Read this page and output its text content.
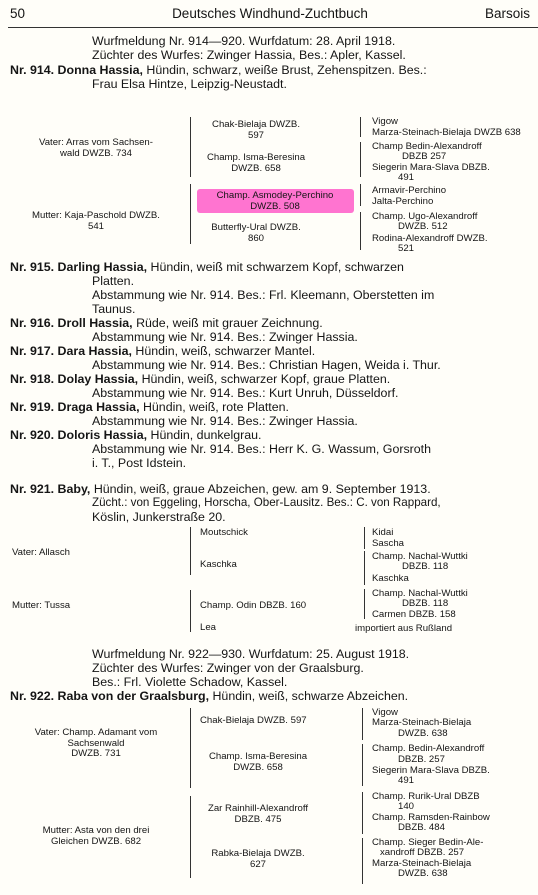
50	Deutsches Windhund-Zuchtbuch	Barsois
Wurfmeldung Nr. 914—920. Wurfdatum: 28. April 1918.
Züchter des Wurfes: Zwinger Hassia, Bes.: Apler, Kassel.
Nr. 914. Donna Hassia, Hündin, schwarz, weiße Brust, Zehenspitzen. Bes.:
Frau Elsa Hintze, Leipzig-Neustadt.
Vater: Arras vom Sachsen-
wald DWZB. 734
Mutter: Kaja-Paschold DWZB.
541
Chak-Bielaja DWZB.
597
Champ. Isma-Beresina
DWZB. 658
Champ. Asmodey-Perchino
DWZB. 508
Butterfly-Ural DWZB.
860
Vigow
Marza-Steinach-Bielaja DWZB 638
Champ Bedin-Alexandroff
DBZB 257
Siegerin Mara-Slava DBZB.
491
Armavir-Perchino
Jalta-Perchino
Champ. Ugo-Alexandroff
DWZB. 512
Rodina-Alexandroff DWZB.
521
Nr. 915. Darling Hassia, Hündin, weiß mit schwarzem Kopf, schwarzen
Platten.
Abstammung wie Nr. 914. Bes.: Frl. Kleemann, Oberstetten im
Taunus.
Nr. 916. Droll Hassia, Rüde, weiß mit grauer Zeichnung.
Abstammung wie Nr. 914. Bes.: Zwinger Hassia.
Nr. 917. Dara Hassia, Hündin, weiß, schwarzer Mantel.
Abstammung wie Nr. 914. Bes.: Christian Hagen, Weida i. Thur.
Nr. 918. Dolay Hassia, Hündin, weiß, schwarzer Kopf, graue Platten.
Abstammung wie Nr. 914. Bes.: Kurt Unruh, Düsseldorf.
Nr. 919. Draga Hassia, Hündin, weiß, rote Platten.
Abstammung wie Nr. 914. Bes.: Zwinger Hassia.
Nr. 920. Doloris Hassia, Hündin, dunkelgrau.
Abstammung wie Nr. 914. Bes.: Herr K. G. Wassum, Gorsroth
i. T., Post Idstein.
Nr. 921. Baby, Hündin, weiß, graue Abzeichen, gew. am 9. September 1913.
Zücht.: von Eggeling, Horscha, Ober-Lausitz. Bes.: C. von Rappard,
Köslin, Junkerstraße 20.
Vater: Allasch
Mutter: Tussa
Moutschick
Kaschka
Champ. Odin DBZB. 160
Lea
Kidai
Sascha
Champ. Nachal-Wuttki
DBZB. 118
Kaschka
Champ. Nachal-Wuttki
DBZB. 118
Carmen DBZB. 158
importiert aus Rußland
Wurfmeldung Nr. 922—930. Wurfdatum: 25. August 1918.
Züchter des Wurfes: Zwinger von der Graalsburg.
Bes.: Frl. Violette Schadow, Kassel.
Nr. 922. Raba von der Graalsburg, Hündin, weiß, schwarze Abzeichen.
Vater: Champ. Adamant vom
Sachsenwald
DWZB. 731
Mutter: Asta von den drei
Gleichen DWZB. 682
Chak-Bielaja DWZB. 597
Champ. Isma-Beresina
DWZB. 658
Zar Rainhill-Alexandroff
DBZB. 475
Rabka-Bielaja DWZB.
627
Vigow
Marza-Steinach-Bielaja
DWZB. 638
Champ. Bedin-Alexandroff
DBZB. 257
Siegerin Mara-Slava DBZB.
491
Champ. Rurik-Ural DBZB
140
Champ. Ramsden-Rainbow
DBZB. 484
Champ. Sieger Bedin-Ale-
xandroff DBZB. 257
Marza-Steinach-Bielaja
DWZB. 638
